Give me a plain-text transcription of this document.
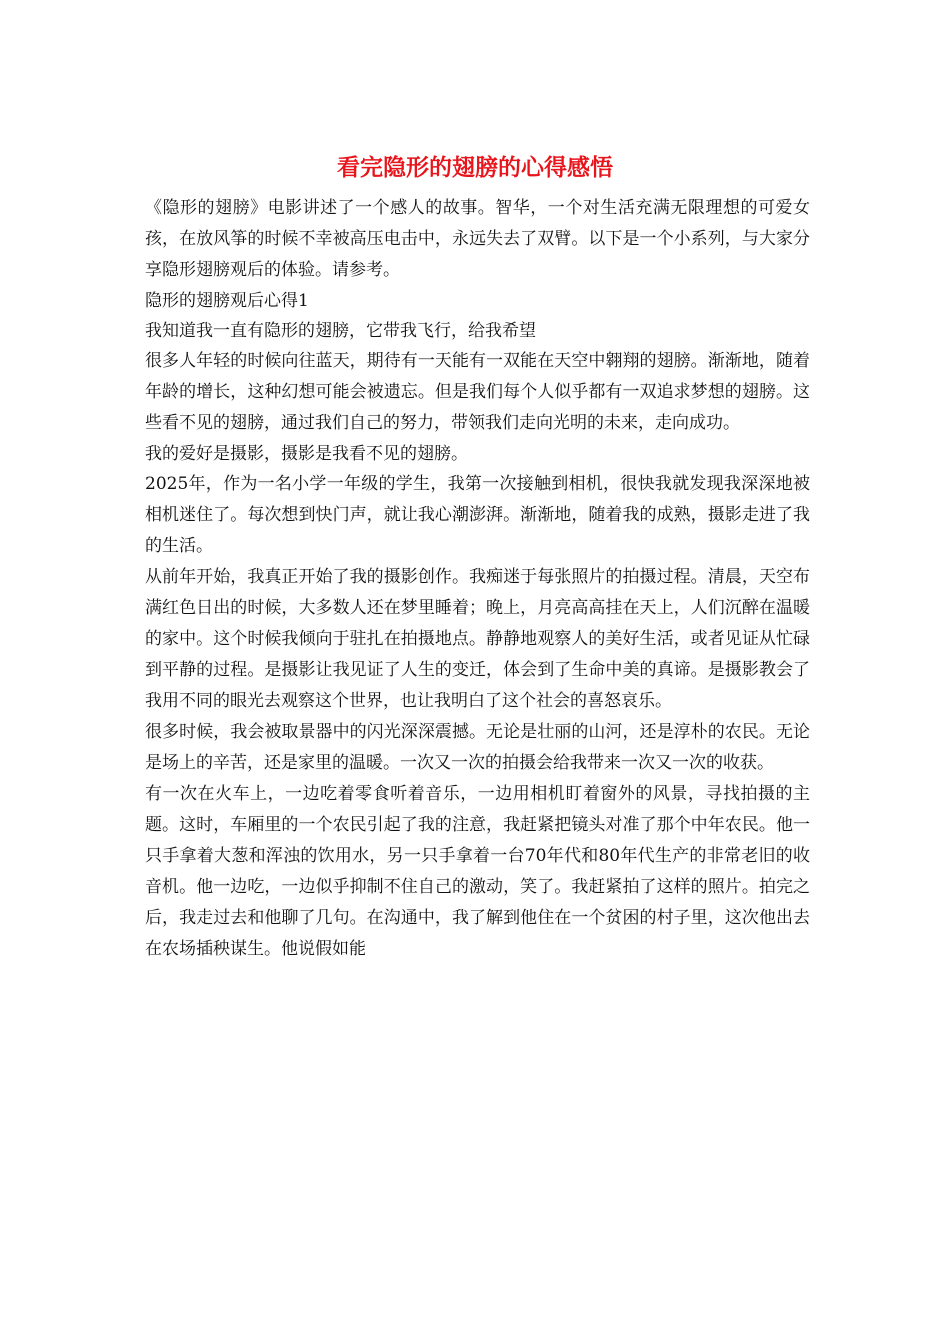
看完隐形的翅膀的心得感悟

《隐形的翅膀》电影讲述了一个感人的故事。智华，一个对生活充满无限理想的可爱女孩，在放风筝的时候不幸被高压电击中，永远失去了双臂。以下是一个小系列，与大家分享隐形翅膀观后的体验。请参考。

隐形的翅膀观后心得1

我知道我一直有隐形的翅膀，它带我飞行，给我希望

很多人年轻的时候向往蓝天，期待有一天能有一双能在天空中翱翔的翅膀。渐渐地，随着年龄的增长，这种幻想可能会被遗忘。但是我们每个人似乎都有一双追求梦想的翅膀。这些看不见的翅膀，通过我们自己的努力，带领我们走向光明的未来，走向成功。

我的爱好是摄影，摄影是我看不见的翅膀。

2025年，作为一名小学一年级的学生，我第一次接触到相机，很快我就发现我深深地被相机迷住了。每次想到快门声，就让我心潮澎湃。渐渐地，随着我的成熟，摄影走进了我的生活。

从前年开始，我真正开始了我的摄影创作。我痴迷于每张照片的拍摄过程。清晨，天空布满红色日出的时候，大多数人还在梦里睡着；晚上，月亮高高挂在天上，人们沉醉在温暖的家中。这个时候我倾向于驻扎在拍摄地点。静静地观察人的美好生活，或者见证从忙碌到平静的过程。是摄影让我见证了人生的变迁，体会到了生命中美的真谛。是摄影教会了我用不同的眼光去观察这个世界，也让我明白了这个社会的喜怒哀乐。

很多时候，我会被取景器中的闪光深深震撼。无论是壮丽的山河，还是淳朴的农民。无论是场上的辛苦，还是家里的温暖。一次又一次的拍摄会给我带来一次又一次的收获。

有一次在火车上，一边吃着零食听着音乐，一边用相机盯着窗外的风景，寻找拍摄的主题。这时，车厢里的一个农民引起了我的注意，我赶紧把镜头对准了那个中年农民。他一只手拿着大葱和浑浊的饮用水，另一只手拿着一台70年代和80年代生产的非常老旧的收音机。他一边吃，一边似乎抑制不住自己的激动，笑了。我赶紧拍了这样的照片。拍完之后，我走过去和他聊了几句。在沟通中，我了解到他住在一个贫困的村子里，这次他出去在农场插秧谋生。他说假如能
